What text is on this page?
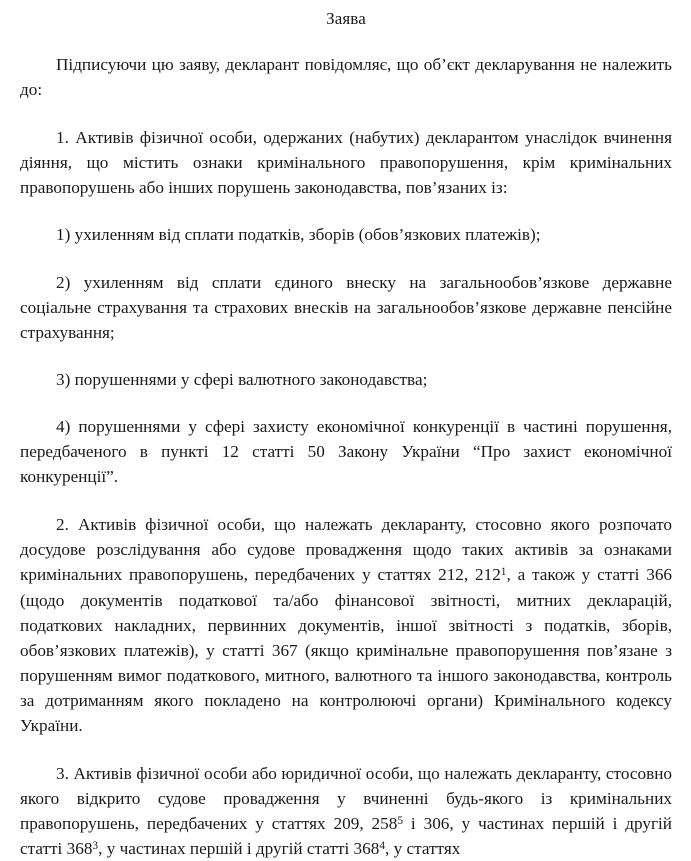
Заява

Підписуючи цю заяву, декларант повідомляє, що об’єкт декларування не належить до:

1. Активів фізичної особи, одержаних (набутих) декларантом унаслідок вчинення діяння, що містить ознаки кримінального правопорушення, крім кримінальних правопорушень або інших порушень законодавства, пов’язаних із:

1) ухиленням від сплати податків, зборів (обов’язкових платежів);

2) ухиленням від сплати єдиного внеску на загальнообов’язкове державне соціальне страхування та страхових внесків на загальнообов’язкове державне пенсійне страхування;

3) порушеннями у сфері валютного законодавства;

4) порушеннями у сфері захисту економічної конкуренції в частині порушення, передбаченого в пункті 12 статті 50 Закону України “Про захист економічної конкуренції”.

2. Активів фізичної особи, що належать декларанту, стосовно якого розпочато досудове розслідування або судове провадження щодо таких активів за ознаками кримінальних правопорушень, передбачених у статтях 212, $212^1$, а також у статті 366 (щодо документів податкової та/або фінансової звітності, митних декларацій, податкових накладних, первинних документів, іншої звітності з податків, зборів, обов’язкових платежів), у статті 367 (якщо кримінальне правопорушення пов’язане з порушенням вимог податкового, митного, валютного та іншого законодавства, контроль за дотриманням якого покладено на контролюючі органи) Кримінального кодексу України.

3. Активів фізичної особи або юридичної особи, що належать декларанту, стосовно якого відкрито судове провадження у вчиненні будь-якого із кримінальних правопорушень, передбачених у статтях 209, $258^5$ і 306, у частинах першій і другій статті $368^3$, у частинах першій і другій статті $368^4$, у статтях
